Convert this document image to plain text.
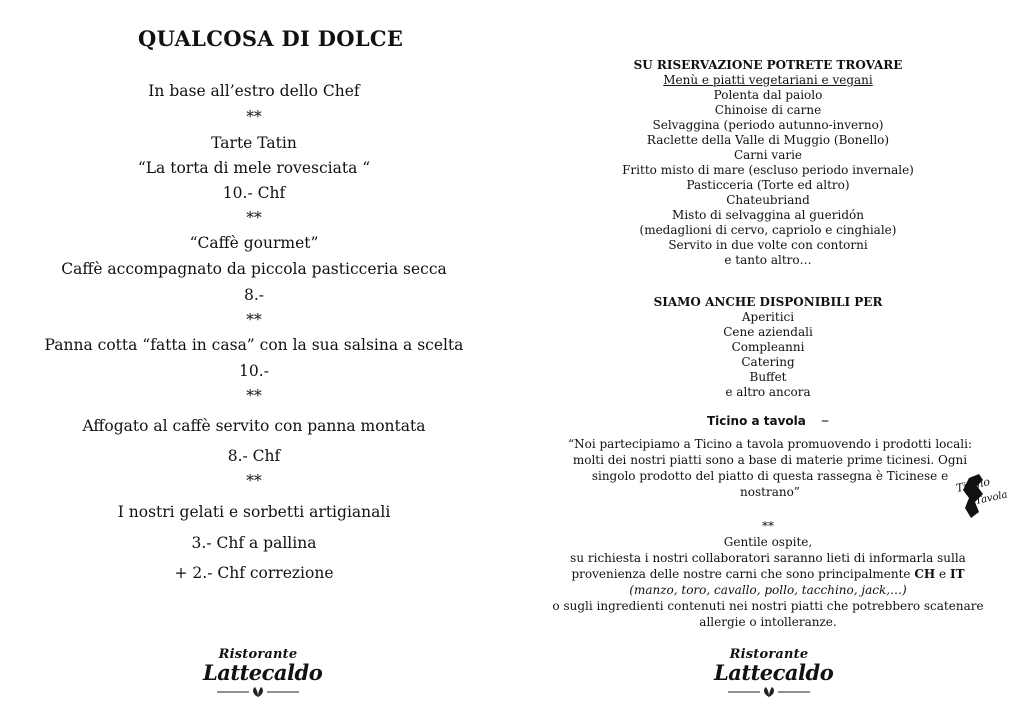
QUALCOSA DI DOLCE
In base all’estro dello Chef
**
Tarte Tatin
“La torta di mele rovesciata “
10.- Chf
**
“Caffè gourmet”
Caffè accompagnato da piccola pasticceria secca
8.-
**
Panna cotta “fatta in casa” con la sua salsina a scelta
10.-
**
Affogato al caffè servito con panna montata
8.- Chf
**
I nostri gelati e sorbetti artigianali
3.- Chf a pallina
+ 2.- Chf correzione
Ristorante
Lattecaldo
SU RISERVAZIONE POTRETE TROVARE
Menù e piatti vegetariani e vegani
Polenta dal paiolo
Chinoise di carne
Selvaggina (periodo autunno-inverno)
Raclette della Valle di Muggio (Bonello)
Carni varie
Fritto misto di mare (escluso periodo invernale)
Pasticceria (Torte ed altro)
Chateubriand
Misto di selvaggina al gueridón
(medaglioni di cervo, capriolo e cinghiale)
Servito in due volte con contorni
e tanto altro…
SIAMO ANCHE DISPONIBILI PER
Aperitici
Cene aziendali
Compleanni
Catering
Buffet
e altro ancora
Ticino a tavola –
“Noi partecipiamo a Ticino a tavola promuovendo i prodotti locali: molti dei nostri piatti sono a base di materie prime ticinesi. Ogni singolo prodotto del piatto di questa rassegna è Ticinese e nostrano”
**
Gentile ospite,
su richiesta i nostri collaboratori saranno lieti di informarla sulla
provenienza delle nostre carni che sono principalmente CH e IT
(manzo, toro, cavallo, pollo, tacchino, jack,…)
o sugli ingredienti contenuti nei nostri piatti che potrebbero scatenare
allergie o intolleranze.
Ristorante
Lattecaldo
Ticino
a Tavola
